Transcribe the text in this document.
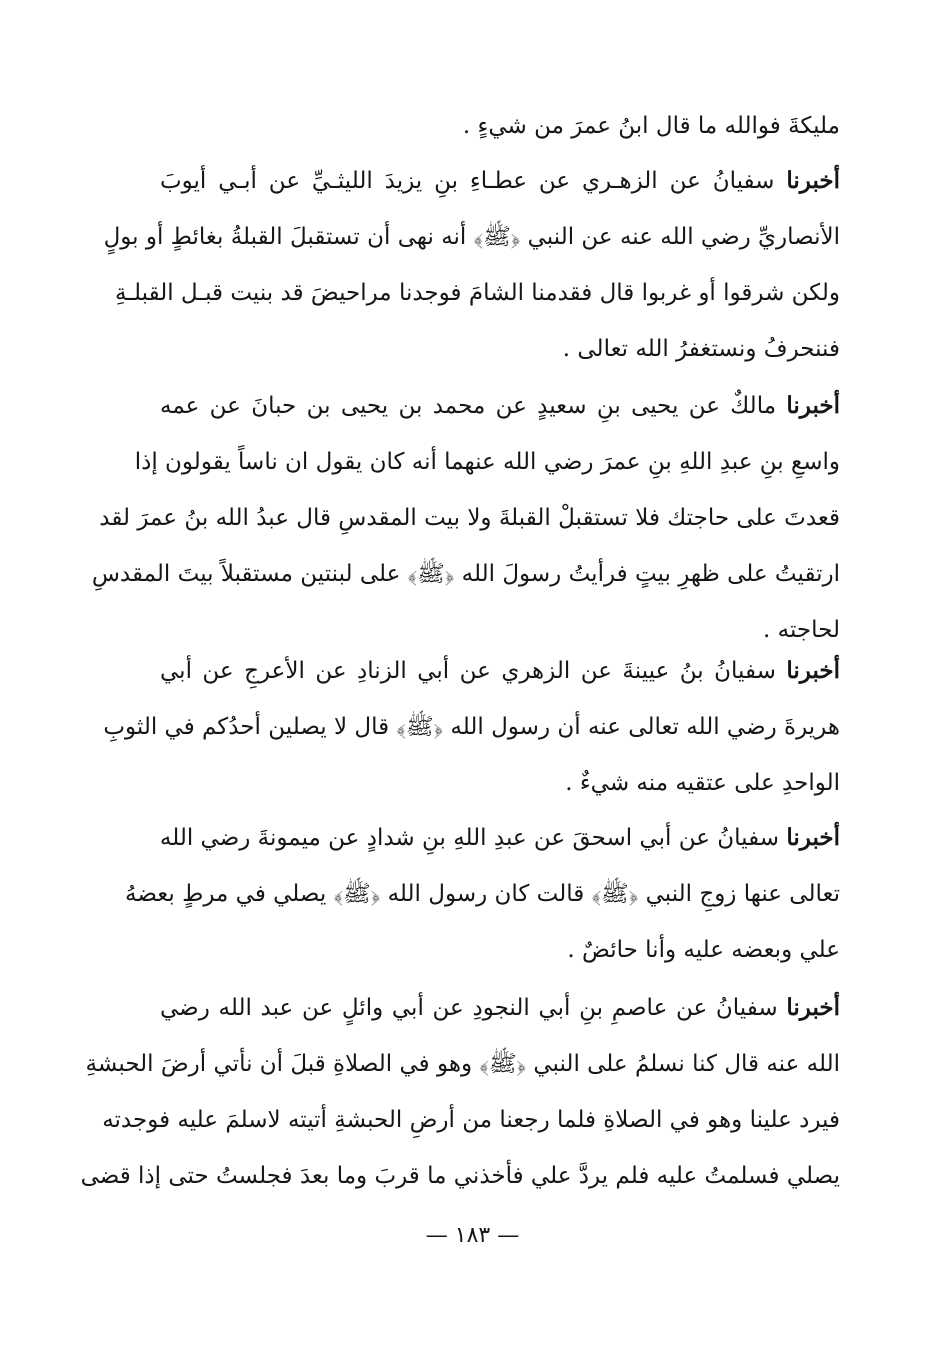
مليكةَ فوالله ما قال ابنُ عمرَ من شيءٍ .
أخبرنا سفيانُ عن الزهـري عن عطـاءِ بنِ يزيدَ الليثـيِّ عن أبـي أيوبَ
الأنصاريِّ رضي الله عنه عن النبي ﴿ﷺ﴾ أنه نهى أن تستقبلَ القبلةُ بغائطٍ أو بولٍ
ولكن شرقوا أو غربوا قال فقدمنا الشامَ فوجدنا مراحيضَ قد بنيت قبـل القبلـةِ
فننحرفُ ونستغفرُ الله تعالى .
أخبرنا مالكٌ عن يحيى بنِ سعيدٍ عن محمد بن يحيى بن حبانَ عن عمه
واسعِ بنِ عبدِ اللهِ بنِ عمرَ رضي الله عنهما أنه كان يقول ان ناساً يقولون إذا
قعدتَ على حاجتك فلا تستقبلْ القبلةَ ولا بيت المقدسِ قال عبدُ الله بنُ عمرَ لقد
ارتقيتُ على ظهرِ بيتٍ فرأيتُ رسولَ الله ﴿ﷺ﴾ على لبنتين مستقبلاً بيتَ المقدسِ
لحاجته .
أخبرنا سفيانُ بنُ عيينةَ عن الزهري عن أبي الزنادِ عن الأعرجِ عن أبي
هريرةَ رضي الله تعالى عنه أن رسول الله ﴿ﷺ﴾ قال لا يصلين أحدُكم في الثوبِ
الواحدِ على عتقيه منه شيءٌ .
أخبرنا سفيانُ عن أبي اسحقَ عن عبدِ اللهِ بنِ شدادٍ عن ميمونةَ رضي الله
تعالى عنها زوجِ النبي ﴿ﷺ﴾ قالت كان رسول الله ﴿ﷺ﴾ يصلي في مرطٍ بعضهُ
علي وبعضه عليه وأنا حائضٌ .
أخبرنا سفيانُ عن عاصمِ بنِ أبي النجودِ عن أبي وائلٍ عن عبد الله رضي
الله عنه قال كنا نسلمُ على النبي ﴿ﷺ﴾ وهو في الصلاةِ قبلَ أن نأتي أرضَ الحبشةِ
فيرد علينا وهو في الصلاةِ فلما رجعنا من أرضِ الحبشةِ أتيته لاسلمَ عليه فوجدته
يصلي فسلمتُ عليه فلم يردَّ علي فأخذني ما قربَ وما بعدَ فجلستُ حتى إذا قضى
— ١٨٣ —
